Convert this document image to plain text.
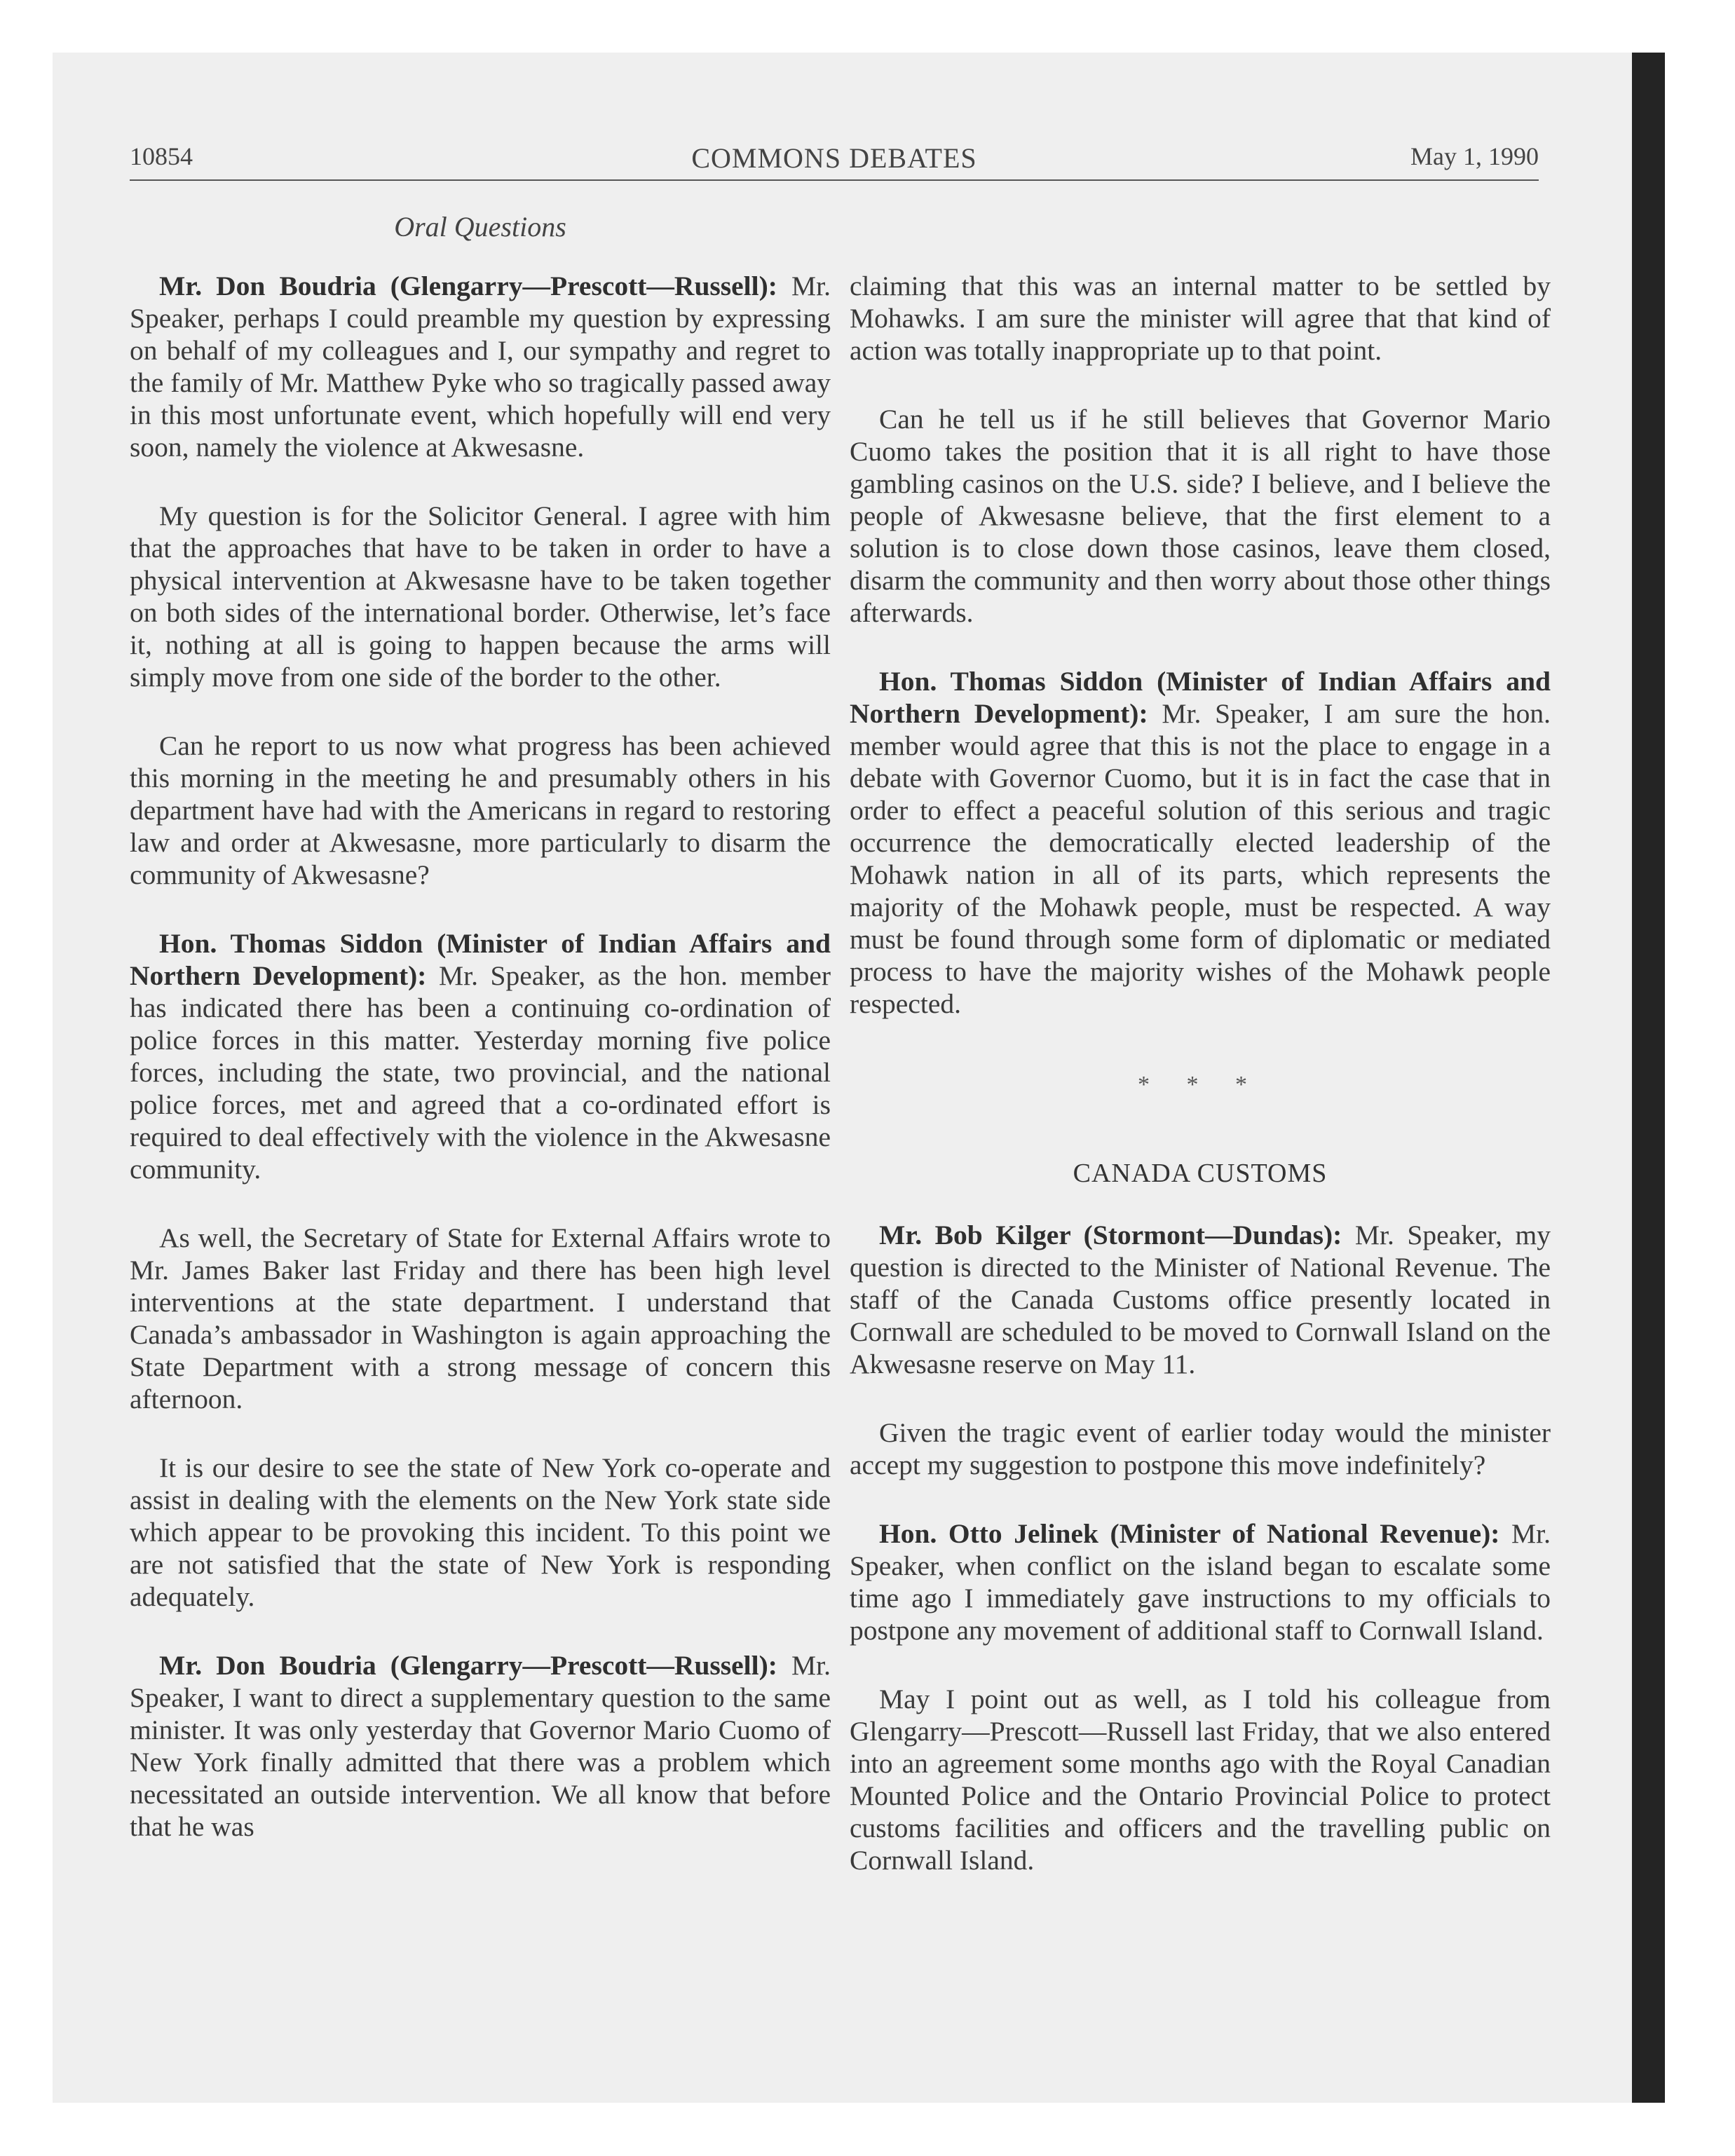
10854	COMMONS DEBATES	May 1, 1990
Oral Questions

Mr. Don Boudria (Glengarry—Prescott—Russell): Mr. Speaker, perhaps I could preamble my question by expressing on behalf of my colleagues and I, our sympathy and regret to the family of Mr. Matthew Pyke who so tragically passed away in this most unfortunate event, which hopefully will end very soon, namely the violence at Akwesasne.

My question is for the Solicitor General. I agree with him that the approaches that have to be taken in order to have a physical intervention at Akwesasne have to be taken together on both sides of the international border. Otherwise, let’s face it, nothing at all is going to happen because the arms will simply move from one side of the border to the other.

Can he report to us now what progress has been achieved this morning in the meeting he and presumably others in his department have had with the Americans in regard to restoring law and order at Akwesasne, more particularly to disarm the community of Akwesasne?

Hon. Thomas Siddon (Minister of Indian Affairs and Northern Development): Mr. Speaker, as the hon. member has indicated there has been a continuing co-ordination of police forces in this matter. Yesterday morning five police forces, including the state, two provincial, and the national police forces, met and agreed that a co-ordinated effort is required to deal effectively with the violence in the Akwesasne community.

As well, the Secretary of State for External Affairs wrote to Mr. James Baker last Friday and there has been high level interventions at the state department. I understand that Canada’s ambassador in Washington is again approaching the State Department with a strong message of concern this afternoon.

It is our desire to see the state of New York co-operate and assist in dealing with the elements on the New York state side which appear to be provoking this incident. To this point we are not satisfied that the state of New York is responding adequately.

Mr. Don Boudria (Glengarry—Prescott—Russell): Mr. Speaker, I want to direct a supplementary question to the same minister. It was only yesterday that Governor Mario Cuomo of New York finally admitted that there was a problem which necessitated an outside intervention. We all know that before that he was

claiming that this was an internal matter to be settled by Mohawks. I am sure the minister will agree that that kind of action was totally inappropriate up to that point.

Can he tell us if he still believes that Governor Mario Cuomo takes the position that it is all right to have those gambling casinos on the U.S. side? I believe, and I believe the people of Akwesasne believe, that the first element to a solution is to close down those casinos, leave them closed, disarm the community and then worry about those other things afterwards.

Hon. Thomas Siddon (Minister of Indian Affairs and Northern Development): Mr. Speaker, I am sure the hon. member would agree that this is not the place to engage in a debate with Governor Cuomo, but it is in fact the case that in order to effect a peaceful solution of this serious and tragic occurrence the democratically elected leadership of the Mohawk nation in all of its parts, which represents the majority of the Mohawk people, must be respected. A way must be found through some form of diplomatic or mediated process to have the majority wishes of the Mohawk people respected.

* * *
CANADA CUSTOMS

Mr. Bob Kilger (Stormont—Dundas): Mr. Speaker, my question is directed to the Minister of National Revenue. The staff of the Canada Customs office presently located in Cornwall are scheduled to be moved to Cornwall Island on the Akwesasne reserve on May 11.

Given the tragic event of earlier today would the minister accept my suggestion to postpone this move indefinitely?

Hon. Otto Jelinek (Minister of National Revenue): Mr. Speaker, when conflict on the island began to escalate some time ago I immediately gave instructions to my officials to postpone any movement of additional staff to Cornwall Island.

May I point out as well, as I told his colleague from Glengarry—Prescott—Russell last Friday, that we also entered into an agreement some months ago with the Royal Canadian Mounted Police and the Ontario Provincial Police to protect customs facilities and officers and the travelling public on Cornwall Island.
